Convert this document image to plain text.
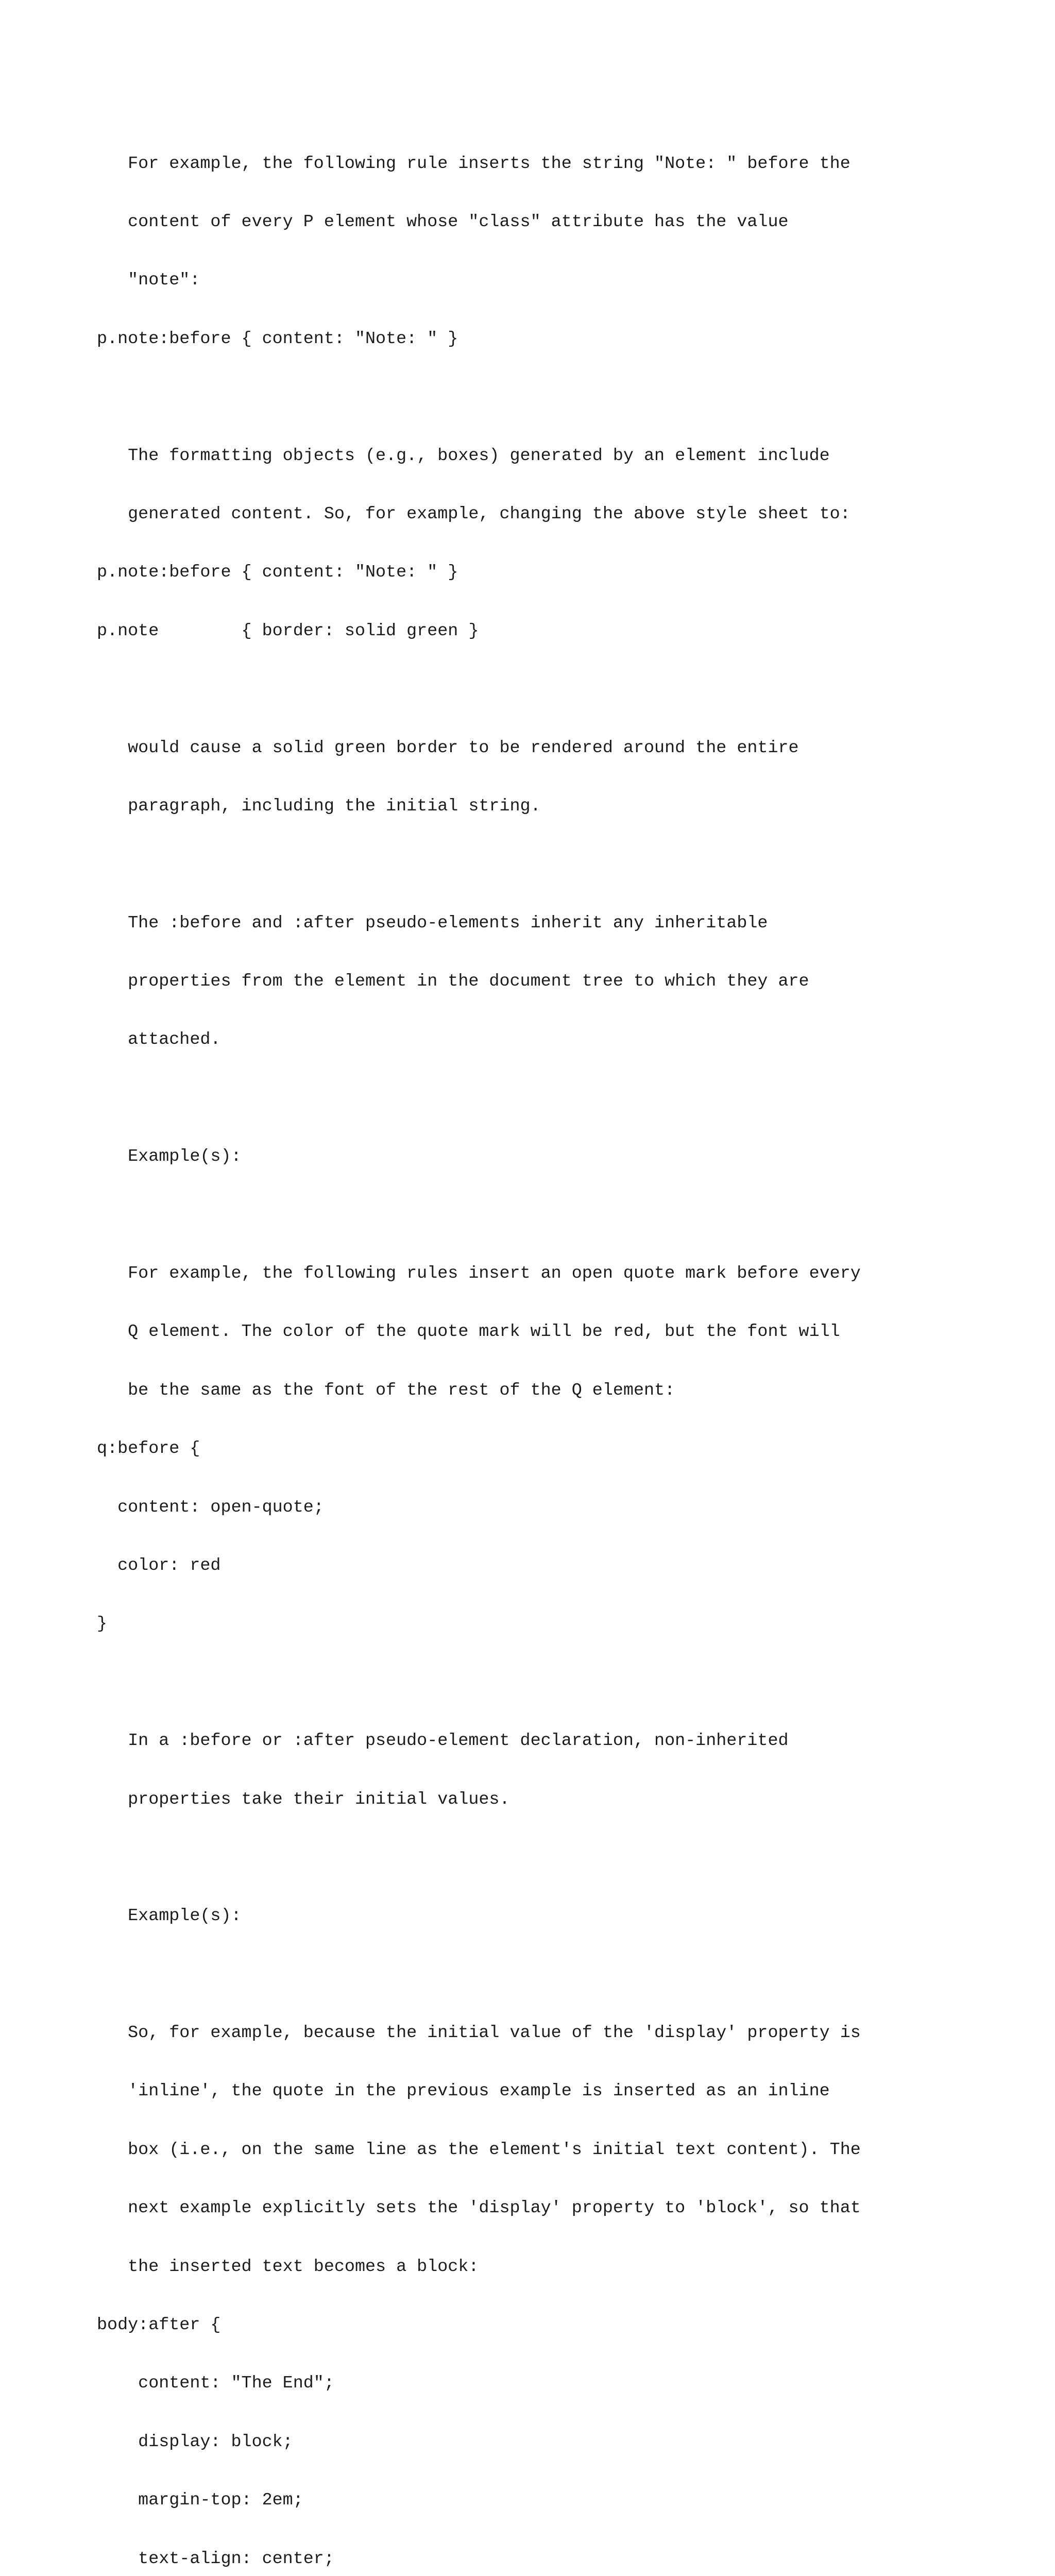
For example, the following rule inserts the string "Note: " before the

content of every P element whose "class" attribute has the value

"note":

p.note:before { content: "Note: " }

The formatting objects (e.g., boxes) generated by an element include

generated content. So, for example, changing the above style sheet to:

p.note:before { content: "Note: " }

p.note        { border: solid green }

would cause a solid green border to be rendered around the entire

paragraph, including the initial string.

The :before and :after pseudo-elements inherit any inheritable

properties from the element in the document tree to which they are

attached.

Example(s):

For example, the following rules insert an open quote mark before every

Q element. The color of the quote mark will be red, but the font will

be the same as the font of the rest of the Q element:

q:before {

content: open-quote;

color: red

}

In a :before or :after pseudo-element declaration, non-inherited

properties take their initial values.

Example(s):

So, for example, because the initial value of the 'display' property is

'inline', the quote in the previous example is inserted as an inline

box (i.e., on the same line as the element's initial text content). The

next example explicitly sets the 'display' property to 'block', so that

the inserted text becomes a block:

body:after {

content: "The End";

display: block;

margin-top: 2em;

text-align: center;
